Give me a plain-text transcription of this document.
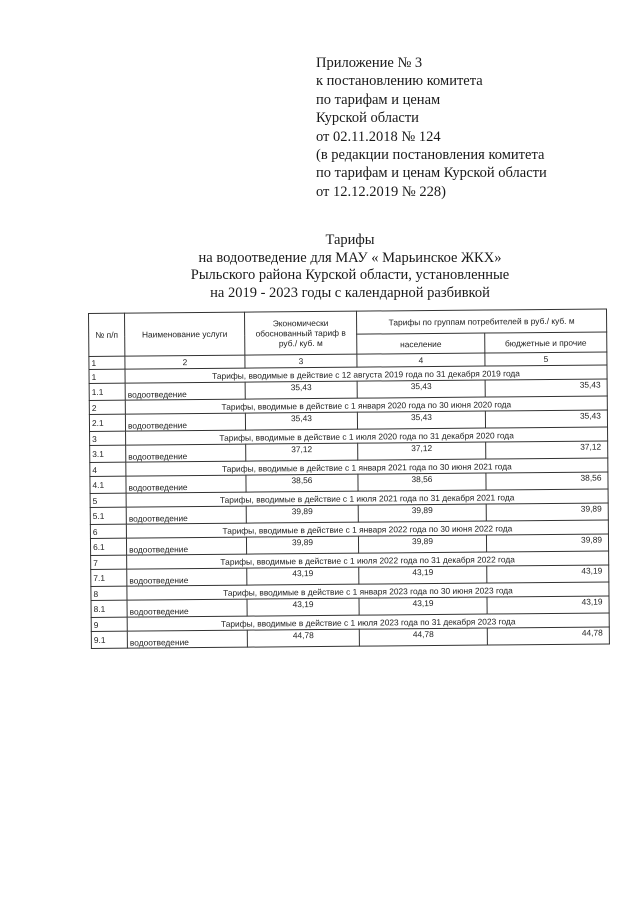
Приложение № 3
к постановлению комитета
по тарифам и ценам
Курской области
от 02.11.2018 № 124
(в редакции постановления комитета
по тарифам и ценам Курской области
от 12.12.2019 № 228)
Тарифы
на водоотведение для МАУ « Марьинское ЖКХ»
Рыльского района Курской области, установленные
на 2019 - 2023 годы с календарной разбивкой
№ п/п	Наименование услуги	Экономически обоснованный тариф в руб./ куб. м	Тарифы по группам потребителей в руб./ куб. м	
			население	бюджетные и прочие
1	2	3	4	5
1	Тарифы, вводимые в действие с 12 августа 2019 года по 31 декабря 2019 года			
1.1	водоотведение	35,43	35,43	35,43
2	Тарифы, вводимые в действие с 1 января 2020 года по 30 июня 2020 года			
2.1	водоотведение	35,43	35,43	35,43
3	Тарифы, вводимые в действие с 1 июля 2020 года по 31 декабря 2020 года			
3.1	водоотведение	37,12	37,12	37,12
4	Тарифы, вводимые в действие с 1 января 2021 года по 30 июня 2021 года			
4.1	водоотведение	38,56	38,56	38,56
5	Тарифы, вводимые в действие с 1 июля 2021 года по 31 декабря 2021 года			
5.1	водоотведение	39,89	39,89	39,89
6	Тарифы, вводимые в действие с 1 января 2022 года по 30 июня 2022 года			
6.1	водоотведение	39,89	39,89	39,89
7	Тарифы, вводимые в действие с 1 июля 2022 года по 31 декабря 2022 года			
7.1	водоотведение	43,19	43,19	43,19
8	Тарифы, вводимые в действие с 1 января 2023 года по 30 июня 2023 года			
8.1	водоотведение	43,19	43,19	43,19
9	Тарифы, вводимые в действие с 1 июля 2023 года по 31 декабря 2023 года			
9.1	водоотведение	44,78	44,78	44,78
